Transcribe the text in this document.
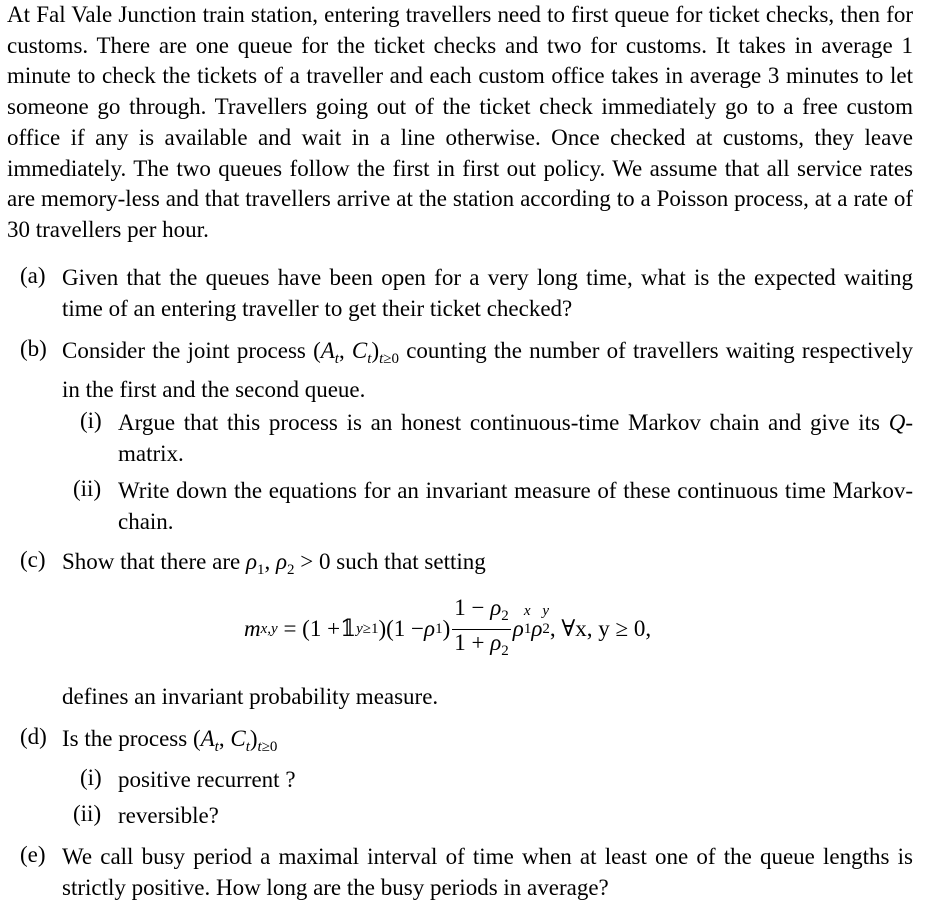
At Fal Vale Junction train station, entering travellers need to first queue for ticket checks, then for customs. There are one queue for the ticket checks and two for customs. It takes in average 1 minute to check the tickets of a traveller and each custom office takes in average 3 minutes to let someone go through. Travellers going out of the ticket check immediately go to a free custom office if any is available and wait in a line otherwise. Once checked at customs, they leave immediately. The two queues follow the first in first out policy. We assume that all service rates are memory-less and that travellers arrive at the station according to a Poisson process, at a rate of 30 travellers per hour.

(a) Given that the queues have been open for a very long time, what is the expected waiting time of an entering traveller to get their ticket checked?

(b) Consider the joint process ($A_t$, $C_t)_{t\ge 0}$ counting the number of travellers waiting respectively in the first and the second queue.

(i) Argue that this process is an honest continuous-time Markov chain and give its Q-matrix.

(ii) Write down the equations for an invariant measure of these continuous time Markov-chain.

(c) Show that there are $\rho_1$, $\rho_2 > 0$ such that setting

m x,y = (1 + 𝟙 y ≥1 )(1 − ρ 1 ) $\frac{1 - \rho_2}{1 + \rho_2}$ ρ
x
1 ρ
y
2 , ∀x, y ≥ 0,

defines an invariant probability measure.

(d) Is the process ($A_t$, $C_t)_{t\ge 0}$

(i) positive recurrent ?

(ii) reversible?

(e) We call busy period a maximal interval of time when at least one of the queue lengths is strictly positive. How long are the busy periods in average?
